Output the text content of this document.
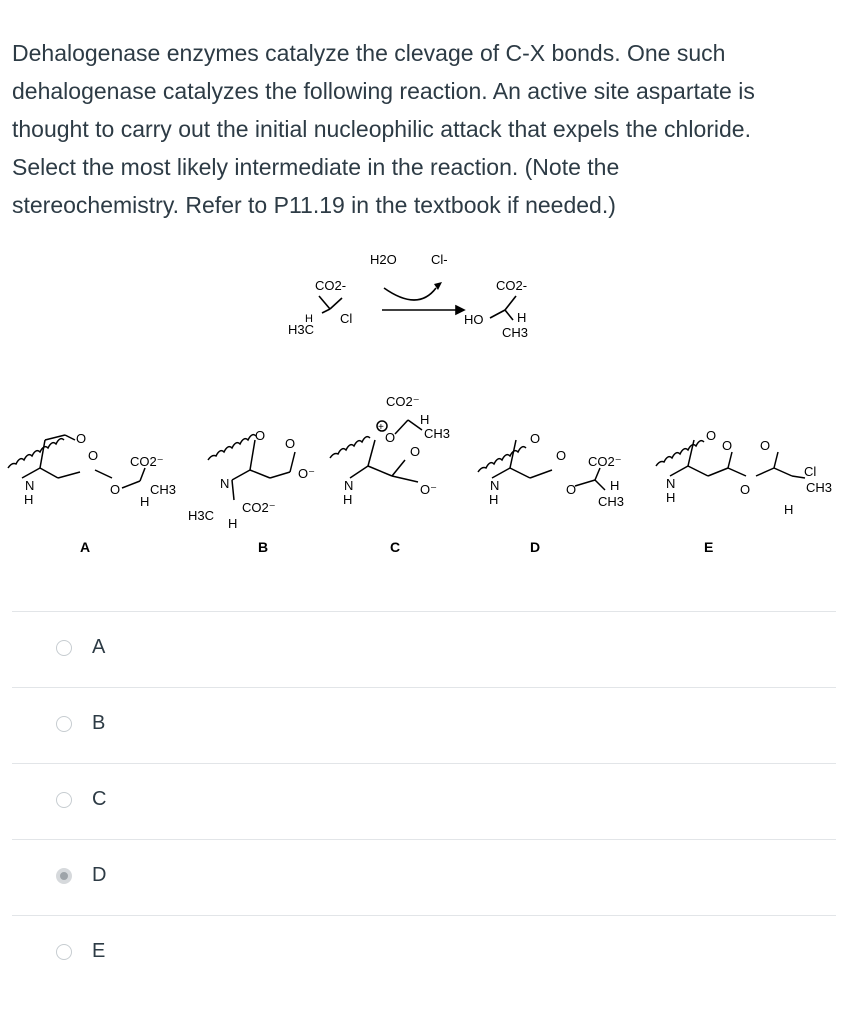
Dehalogenase enzymes catalyze the clevage of C-X bonds. One such

dehalogenase catalyzes the following reaction. An active site aspartate is

thought to carry out the initial nucleophilic attack that expels the chloride.

Select the most likely intermediate in the reaction. (Note the

stereochemistry. Refer to P11.19 in the textbook if needed.)

CO2-
H Cl
H3C
H2O	Cl-
CO2-
HO	H
CH3
O
O
N
H
O
CO2⁻
CH3
H
A
O
O
O⁻
N
H3C
CO2⁻
H
B
CO2⁻
+
O
H
CH3
O
O⁻
N
H
C
O
O
N
H
O
CO2⁻
H
CH3
D
O
O O
N
H
O
Cl
CH3
H
E
A
B
C
D
E
